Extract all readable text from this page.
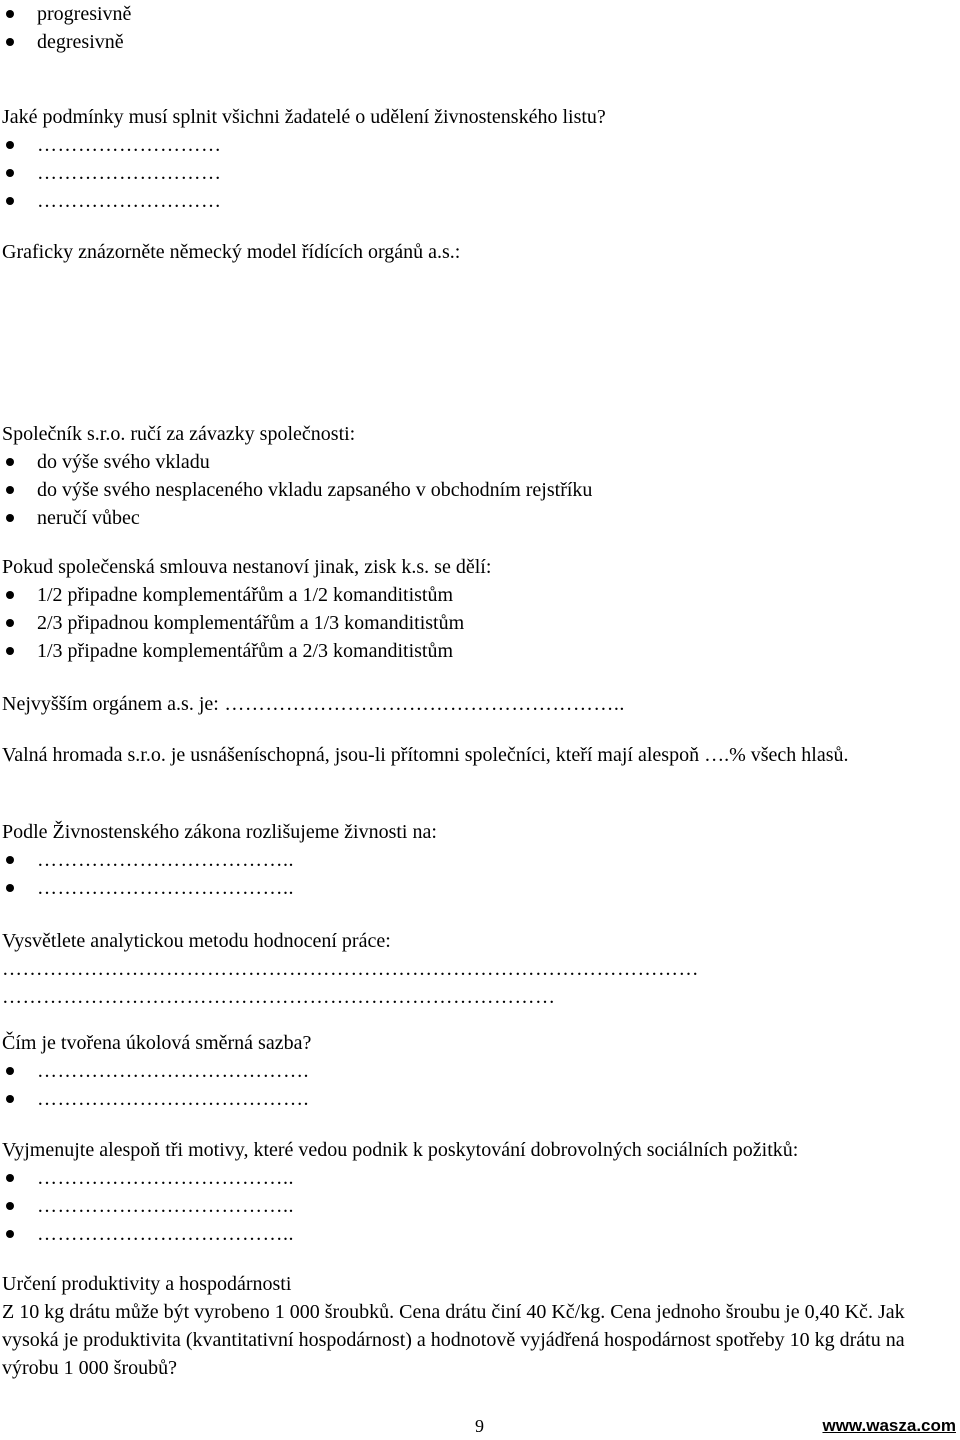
progresivně
degresivně
Jaké podmínky musí splnit všichni žadatelé o udělení živnostenského listu?
………………………
………………………
………………………
Graficky znázorněte německý model řídících orgánů a.s.:
Společník s.r.o. ručí za závazky společnosti:
do výše svého vkladu
do výše svého nesplaceného vkladu zapsaného v obchodním rejstříku
neručí vůbec
Pokud společenská smlouva nestanoví jinak, zisk k.s. se dělí:
1/2 připadne komplementářům a 1/2 komanditistům
2/3 připadnou komplementářům a 1/3 komanditistům
1/3 připadne komplementářům a 2/3 komanditistům
Nejvyšším orgánem a.s. je: …………………………………………………..
Valná hromada s.r.o. je usnášeníschopná, jsou-li přítomni společníci, kteří mají alespoň ….% všech hlasů.
Podle Živnostenského zákona rozlišujeme živnosti na:
………………………………..
………………………………..
Vysvětlete analytickou metodu hodnocení práce:
…………………………………………………………………………………………
………………………………………………………………………
Čím je tvořena úkolová směrná sazba?
………………………………….
………………………………….
Vyjmenujte alespoň tři motivy, které vedou podnik k poskytování dobrovolných sociálních požitků:
………………………………..
………………………………..
………………………………..
Určení produktivity a hospodárnosti
Z 10 kg drátu může být vyrobeno 1 000 šroubků. Cena drátu činí 40 Kč/kg. Cena jednoho šroubu je 0,40 Kč. Jak vysoká je produktivita (kvantitativní hospodárnost) a hodnotově vyjádřená hospodárnost spotřeby 10 kg drátu na výrobu 1 000 šroubů?
9	www.wasza.com
